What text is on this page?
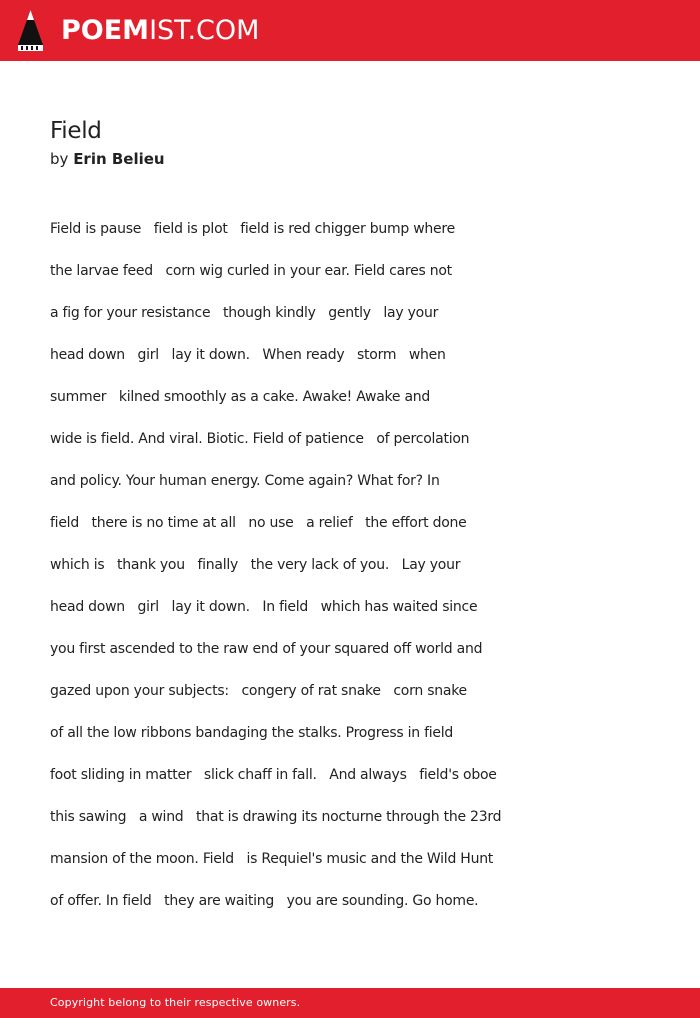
POEMIST.COM
Field
by Erin Belieu
Field is pause   field is plot   field is red chigger bump where
the larvae feed   corn wig curled in your ear. Field cares not
a fig for your resistance   though kindly   gently   lay your
head down   girl   lay it down.   When ready   storm   when
summer   kilned smoothly as a cake. Awake! Awake and
wide is field. And viral. Biotic. Field of patience   of percolation
and policy. Your human energy. Come again? What for? In
field   there is no time at all   no use   a relief   the effort done
which is   thank you   finally   the very lack of you.   Lay your
head down   girl   lay it down.   In field   which has waited since
you first ascended to the raw end of your squared off world and
gazed upon your subjects:   congery of rat snake   corn snake
of all the low ribbons bandaging the stalks. Progress in field
foot sliding in matter   slick chaff in fall.   And always   field's oboe
this sawing   a wind   that is drawing its nocturne through the 23rd
mansion of the moon. Field   is Requiel's music and the Wild Hunt
of offer. In field   they are waiting   you are sounding. Go home.
Copyright belong to their respective owners.
